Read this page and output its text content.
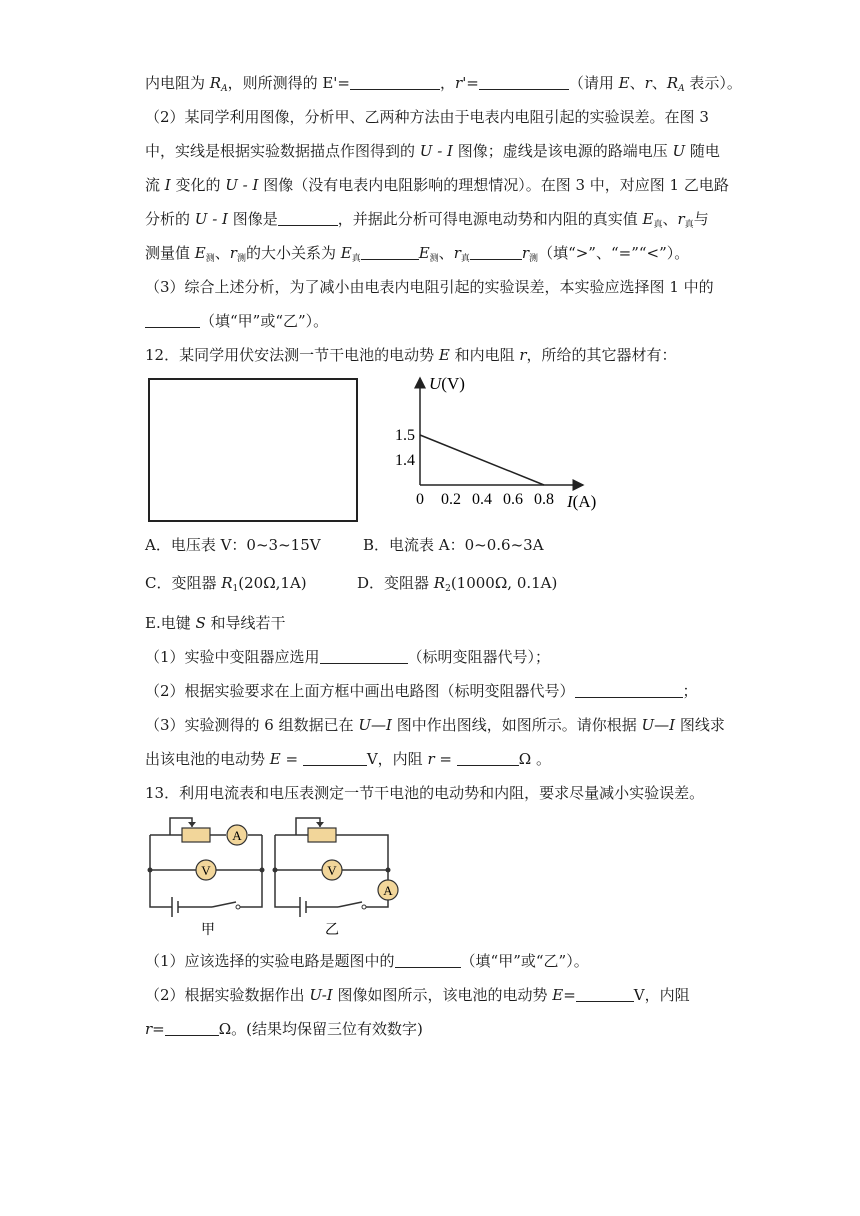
内电阻为 $R_A$，则所测得的 E'=	，r'=	（请用 E、r、$R_A$ 表示）。
（2）某同学利用图像，分析甲、乙两种方法由于电表内电阻引起的实验误差。在图 3
中，实线是根据实验数据描点作图得到的 U - I 图像；虚线是该电源的路端电压 U 随电
流 I 变化的 U - I 图像（没有电表内电阻影响的理想情况）。在图 3 中，对应图 1 乙电路
分析的 U - I 图像是	，并据此分析可得电源电动势和内阻的真实值 $E_真$、$r_真$与
测量值 $E_测$、$r_测$的大小关系为 $E_真$	$E_测$、$r_真$	$r_测$（填“>”、“=”“<”）。
（3）综合上述分析，为了减小由电表内电阻引起的实验误差，本实验应选择图 1 中的
（填“甲”或“乙”）。
12．某同学用伏安法测一节干电池的电动势 E 和内电阻 r，所给的其它器材有：
0 0.2 0.4 0.6 0.8
1.4
1.5
U(V)
I(A)
A．电压表 V：0~3~15V	B．电流表 A：0~0.6~3A
C．变阻器 $R_1(20\Omega,1A)$	D．变阻器 $R_2(1000\Omega$, 0.1A)
E.电键 S 和导线若干
（1）实验中变阻器应选用	（标明变阻器代号）；
（2）根据实验要求在上面方框中画出电路图（标明变阻器代号）	；
（3）实验测得的 6 组数据已在 U—I 图中作出图线，如图所示。请你根据 U—I 图线求
出该电池的电动势 E =	V，内阻 r =	Ω 。
13．利用电流表和电压表测定一节干电池的电动势和内阻，要求尽量减小实验误差。
A
V	V
A
甲	乙
（1）应该选择的实验电路是题图中的	（填“甲”或“乙”）。
（2）根据实验数据作出 U-I 图像如图所示，该电池的电动势 E=	V，内阻
r=	Ω。(结果均保留三位有效数字)
